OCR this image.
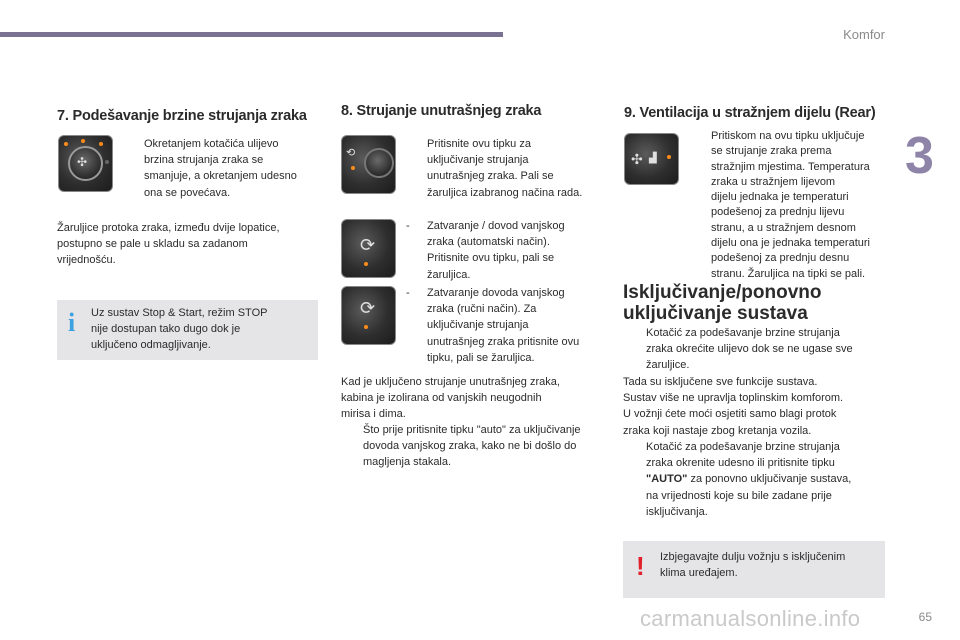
Komfor
3
7. Podešavanje brzine strujanja zraka
✣
Okretanjem kotačića ulijevo
brzina strujanja zraka se
smanjuje, a okretanjem udesno
ona se povećava.
Žaruljice protoka zraka, između dvije lopatice,
postupno se pale u skladu sa zadanom
vrijednošću.
i Uz sustav Stop & Start, režim STOP
nije dostupan tako dugo dok je
uključeno odmagljivanje.
8. Strujanje unutrašnjeg zraka
⟲
Pritisnite ovu tipku za
uključivanje strujanja
unutrašnjeg zraka. Pali se
žaruljica izabranog načina rada.
⟳
- Zatvaranje / dovod vanjskog
zraka (automatski način).
Pritisnite ovu tipku, pali se
žaruljica.
⟳
- Zatvaranje dovoda vanjskog
zraka (ručni način). Za
uključivanje strujanja
unutrašnjeg zraka pritisnite ovu
tipku, pali se žaruljica.
Kad je uključeno strujanje unutrašnjeg zraka,
kabina je izolirana od vanjskih neugodnih
mirisa i dima.
Što prije pritisnite tipku "auto" za uključivanje
dovoda vanjskog zraka, kako ne bi došlo do
magljenja stakala.
9. Ventilacija u stražnjem dijelu (Rear)
✣ ▟
Pritiskom na ovu tipku uključuje
se strujanje zraka prema
stražnjim mjestima. Temperatura
zraka u stražnjem lijevom
dijelu jednaka je temperaturi
podešenoj za prednju lijevu
stranu, a u stražnjem desnom
dijelu ona je jednaka temperaturi
podešenoj za prednju desnu
stranu. Žaruljica na tipki se pali.
Isključivanje/ponovno
uključivanje sustava
Kotačić za podešavanje brzine strujanja
zraka okrećite ulijevo dok se ne ugase sve
žaruljice.
Tada su isključene sve funkcije sustava.
Sustav više ne upravlja toplinskim komforom.
U vožnji ćete moći osjetiti samo blagi protok
zraka koji nastaje zbog kretanja vozila.
Kotačić za podešavanje brzine strujanja
zraka okrenite udesno ili pritisnite tipku
"AUTO" za ponovno uključivanje sustava,
na vrijednosti koje su bile zadane prije
isključivanja.
! Izbjegavajte dulju vožnju s isključenim
klima uređajem.
65
carmanualsonline.info
